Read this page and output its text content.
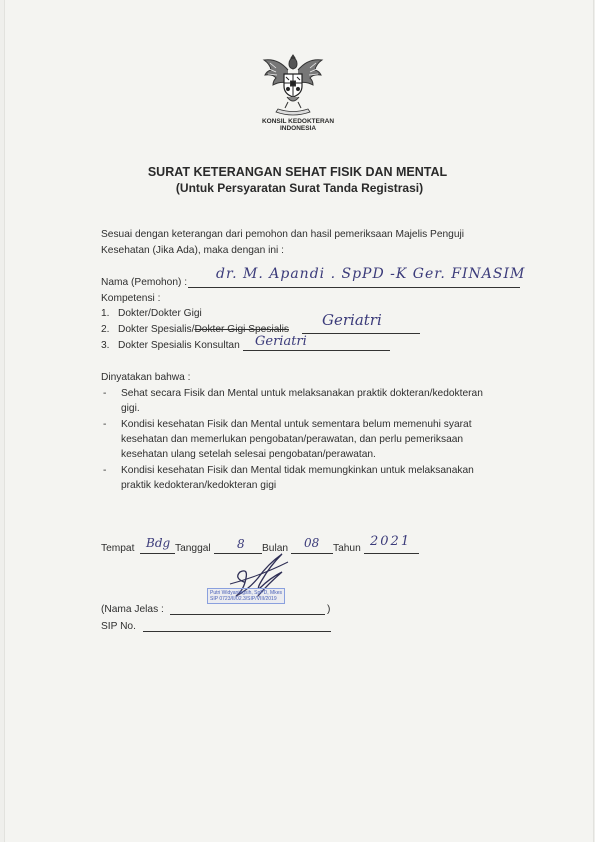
KONSIL KEDOKTERAN
INDONESIA
SURAT KETERANGAN SEHAT FISIK DAN MENTAL
(Untuk Persyaratan Surat Tanda Registrasi)
Sesuai dengan keterangan dari pemohon dan hasil pemeriksaan Majelis Penguji
Kesehatan (Jika Ada), maka dengan ini :
Nama (Pemohon) :
dr. M. Apandi . SpPD -K Ger. FINASIM
Kompetensi :
1. Dokter/Dokter Gigi
2. Dokter Spesialis/Dokter Gigi Spesialis
Geriatri
3. Dokter Spesialis Konsultan Geriatri
Dinyatakan bahwa :
- Sehat secara Fisik dan Mental untuk melaksanakan praktik dokteran/kedokteran
gigi.
- Kondisi kesehatan Fisik dan Mental untuk sementara belum memenuhi syarat
kesehatan dan memerlukan pengobatan/perawatan, dan perlu pemeriksaan
kesehatan ulang setelah selesai pengobatan/perawatan.
- Kondisi kesehatan Fisik dan Mental tidak memungkinkan untuk melaksanakan
praktik kedokteran/kedokteran gigi
Tempat Bdg Tanggal 8 Bulan 08 Tahun 2021
Putri Widyaningsih, SpPD, Mkes
SIP 0723/II/02.3/SIP/VIII/2019
(Nama Jelas :	)
SIP No.
